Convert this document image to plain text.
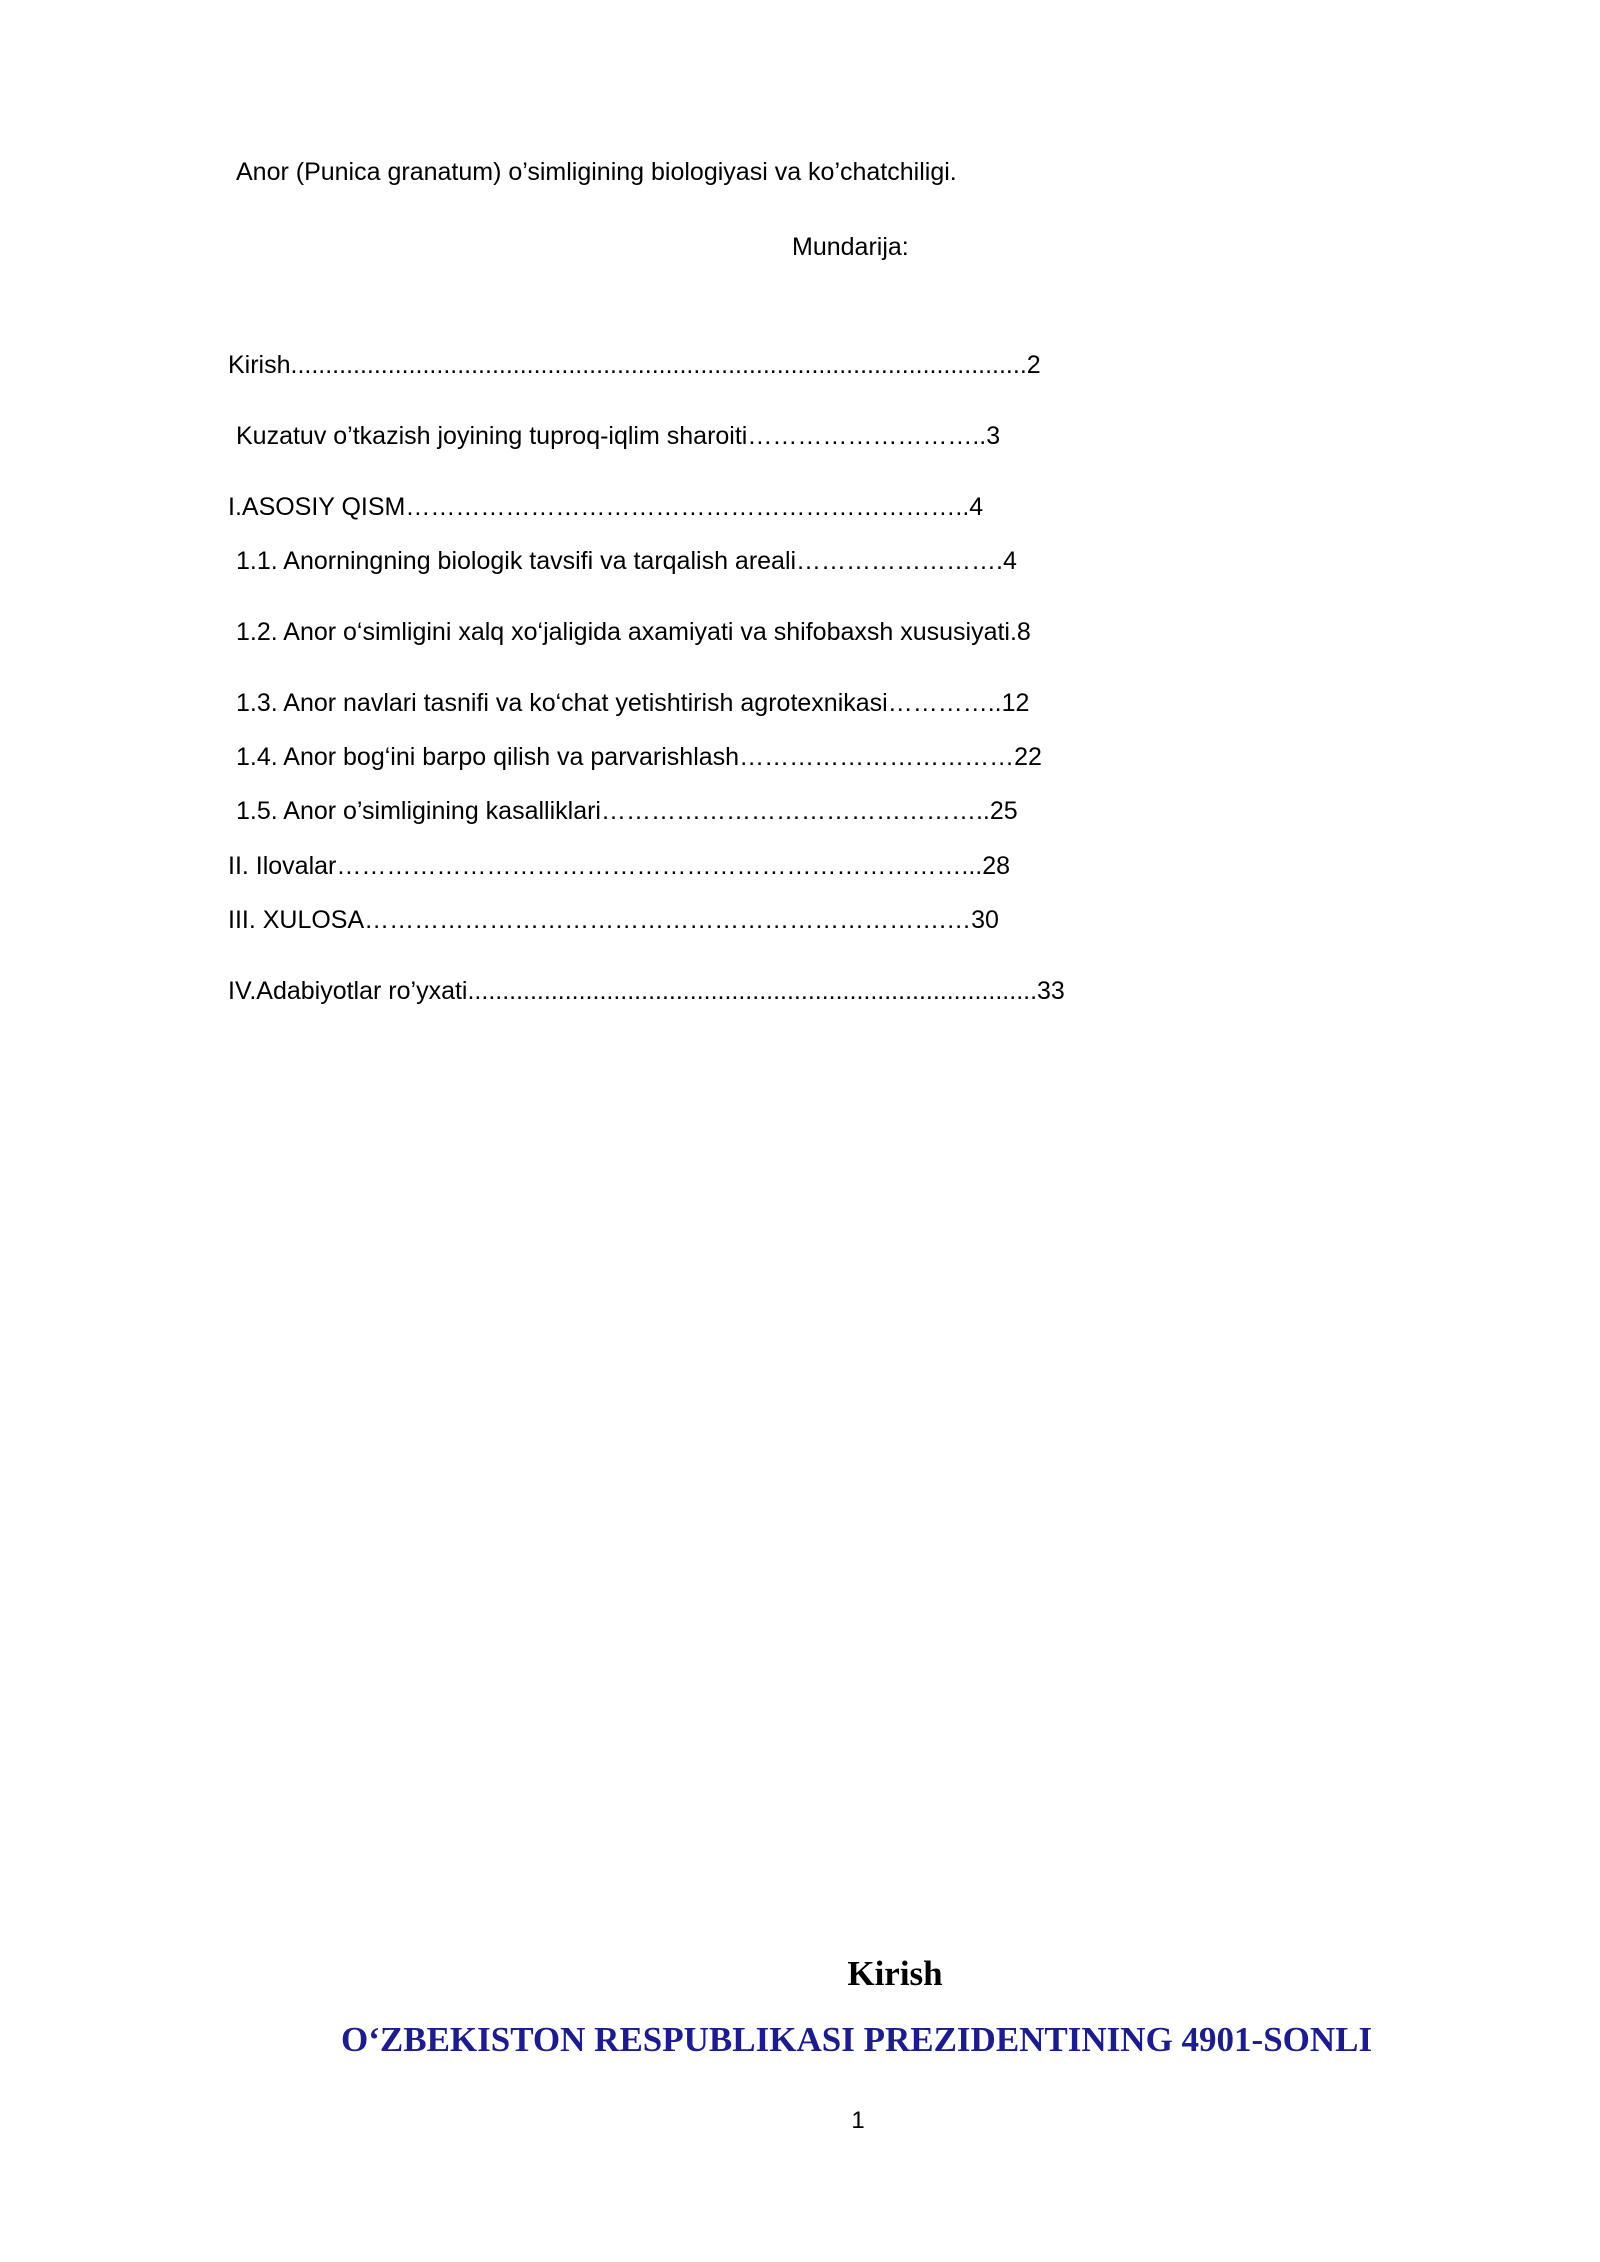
Anor (Punica granatum) o’simligining biologiyasi va ko’chatchiligi.
Mundarija:
Kirish..........................................................................................................2
Kuzatuv o’tkazish joyining tuproq-iqlim sharoiti………………………..3
I.ASOSIY QISM…………………………………………………………..4
1.1. Anorningning biologik tavsifi va tarqalish areali…………………….4
1.2. Anor o‘simligini xalq xo‘jaligida axamiyati va shifobaxsh xususiyati.8
1.3. Anor navlari tasnifi va ko‘chat yetishtirish agrotexnikasi…………..12
1.4. Anor bog‘ini barpo qilish va parvarishlash……………………………22
1.5. Anor o’simligining kasalliklari………………………………………..25
II. Ilovalar…………………………………………………………………...28
III. XULOSA…………………………………………………………….…30
IV.Adabiyotlar ro’yxati..................................................................................33
Kirish
O‘ZBEKISTON RESPUBLIKASI PREZIDENTINING 4901-SONLI
1
